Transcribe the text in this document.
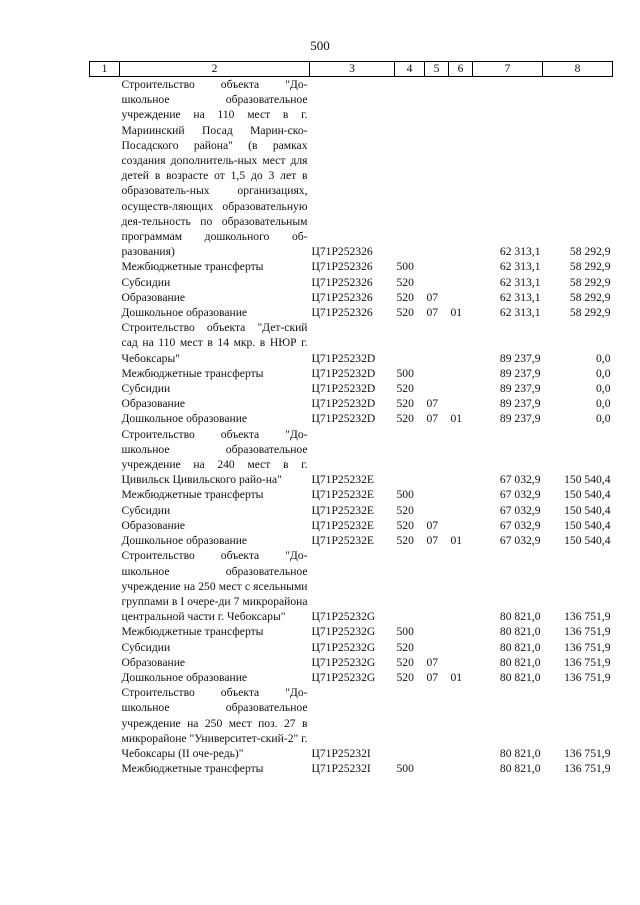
500
1	2	3	4	5	6	7	8
	Строительство объекта "До-школьное образовательное учреждение на 110 мест в г. Мариинский Посад Марин-ско-Посадского района" (в рамках создания дополнитель-ных мест для детей в возрасте от 1,5 до 3 лет в образователь-ных организациях, осуществ-ляющих образовательную дея-тельность по образовательным программам дошкольного об-разования)	Ц71Р252326				62 313,1	58 292,9
	Межбюджетные трансферты	Ц71Р252326	500			62 313,1	58 292,9
	Субсидии	Ц71Р252326	520			62 313,1	58 292,9
	Образование	Ц71Р252326	520	07		62 313,1	58 292,9
	Дошкольное образование	Ц71Р252326	520	07	01	62 313,1	58 292,9
	Строительство объекта "Дет-ский сад на 110 мест в 14 мкр. в НЮР г. Чебоксары"	Ц71Р25232D				89 237,9	0,0
	Межбюджетные трансферты	Ц71Р25232D	500			89 237,9	0,0
	Субсидии	Ц71Р25232D	520			89 237,9	0,0
	Образование	Ц71Р25232D	520	07		89 237,9	0,0
	Дошкольное образование	Ц71Р25232D	520	07	01	89 237,9	0,0
	Строительство объекта "До-школьное образовательное учреждение на 240 мест в г. Цивильск Цивильского райо-на"	Ц71Р25232E				67 032,9	150 540,4
	Межбюджетные трансферты	Ц71Р25232E	500			67 032,9	150 540,4
	Субсидии	Ц71Р25232E	520			67 032,9	150 540,4
	Образование	Ц71Р25232E	520	07		67 032,9	150 540,4
	Дошкольное образование	Ц71Р25232E	520	07	01	67 032,9	150 540,4
	Строительство объекта "До-школьное образовательное учреждение на 250 мест с ясельными группами в I очере-ди 7 микрорайона центральной части г. Чебоксары"	Ц71Р25232G				80 821,0	136 751,9
	Межбюджетные трансферты	Ц71Р25232G	500			80 821,0	136 751,9
	Субсидии	Ц71Р25232G	520			80 821,0	136 751,9
	Образование	Ц71Р25232G	520	07		80 821,0	136 751,9
	Дошкольное образование	Ц71Р25232G	520	07	01	80 821,0	136 751,9
	Строительство объекта "До-школьное образовательное учреждение на 250 мест поз. 27 в микрорайоне "Университет-ский-2" г. Чебоксары (II оче-редь)"	Ц71Р25232I				80 821,0	136 751,9
	Межбюджетные трансферты	Ц71Р25232I	500			80 821,0	136 751,9
